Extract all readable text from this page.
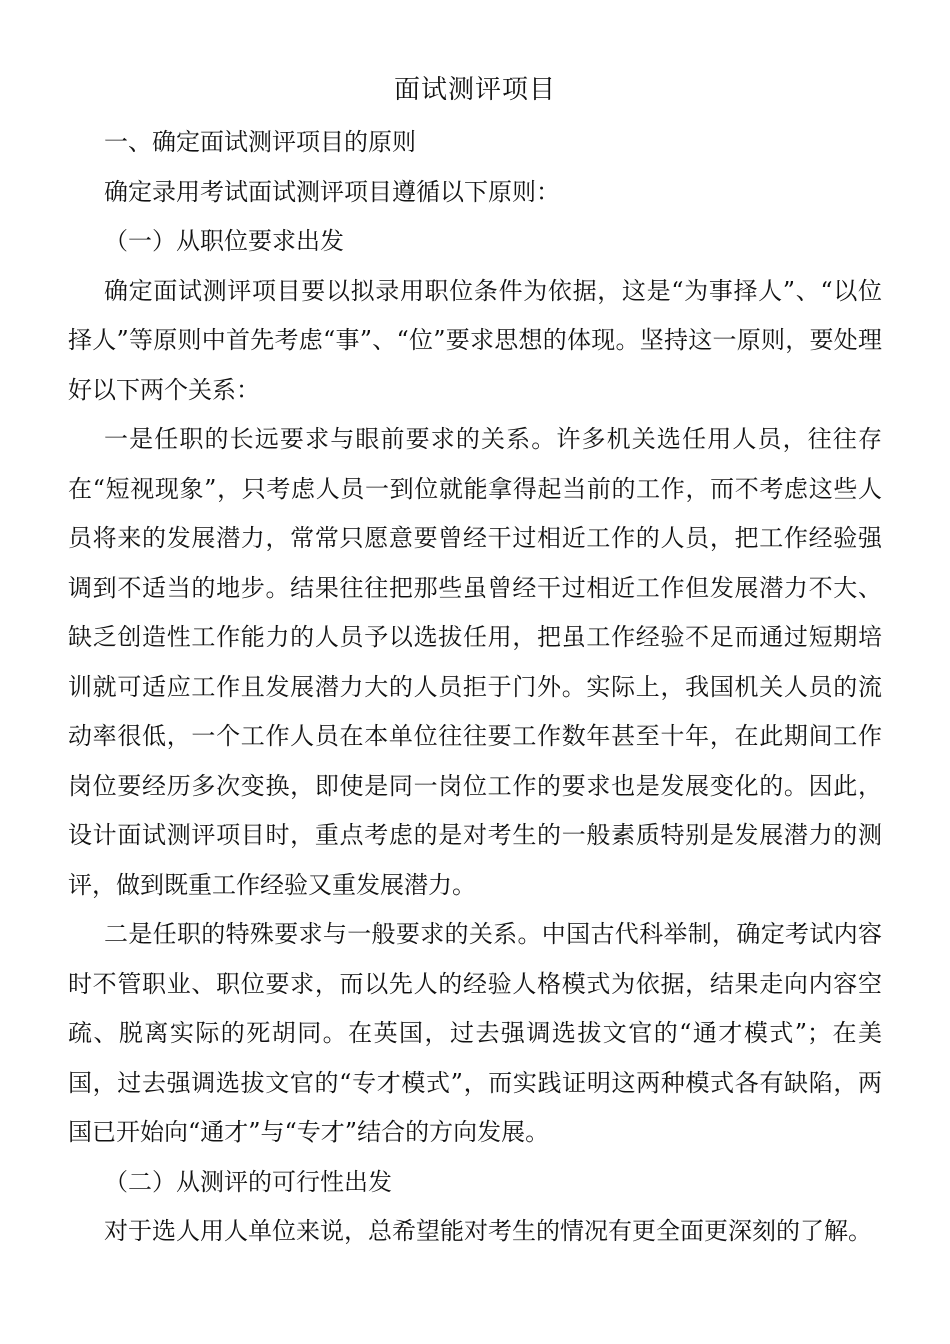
面试测评项目

一、确定面试测评项目的原则

确定录用考试面试测评项目遵循以下原则：

（一）从职位要求出发

确定面试测评项目要以拟录用职位条件为依据，这是“为事择人”、“以位择人”等原则中首先考虑“事”、“位”要求思想的体现。坚持这一原则，要处理好以下两个关系：

一是任职的长远要求与眼前要求的关系。许多机关选任用人员，往往存在“短视现象”，只考虑人员一到位就能拿得起当前的工作，而不考虑这些人员将来的发展潜力，常常只愿意要曾经干过相近工作的人员，把工作经验强调到不适当的地步。结果往往把那些虽曾经干过相近工作但发展潜力不大、缺乏创造性工作能力的人员予以选拔任用，把虽工作经验不足而通过短期培训就可适应工作且发展潜力大的人员拒于门外。实际上，我国机关人员的流动率很低，一个工作人员在本单位往往要工作数年甚至十年，在此期间工作岗位要经历多次变换，即使是同一岗位工作的要求也是发展变化的。因此，设计面试测评项目时，重点考虑的是对考生的一般素质特别是发展潜力的测评，做到既重工作经验又重发展潜力。

二是任职的特殊要求与一般要求的关系。中国古代科举制，确定考试内容时不管职业、职位要求，而以先人的经验人格模式为依据，结果走向内容空疏、脱离实际的死胡同。在英国，过去强调选拔文官的“通才模式”；在美国，过去强调选拔文官的“专才模式”，而实践证明这两种模式各有缺陷，两国已开始向“通才”与“专才”结合的方向发展。

（二）从测评的可行性出发

对于选人用人单位来说，总希望能对考生的情况有更全面更深刻的了解。
